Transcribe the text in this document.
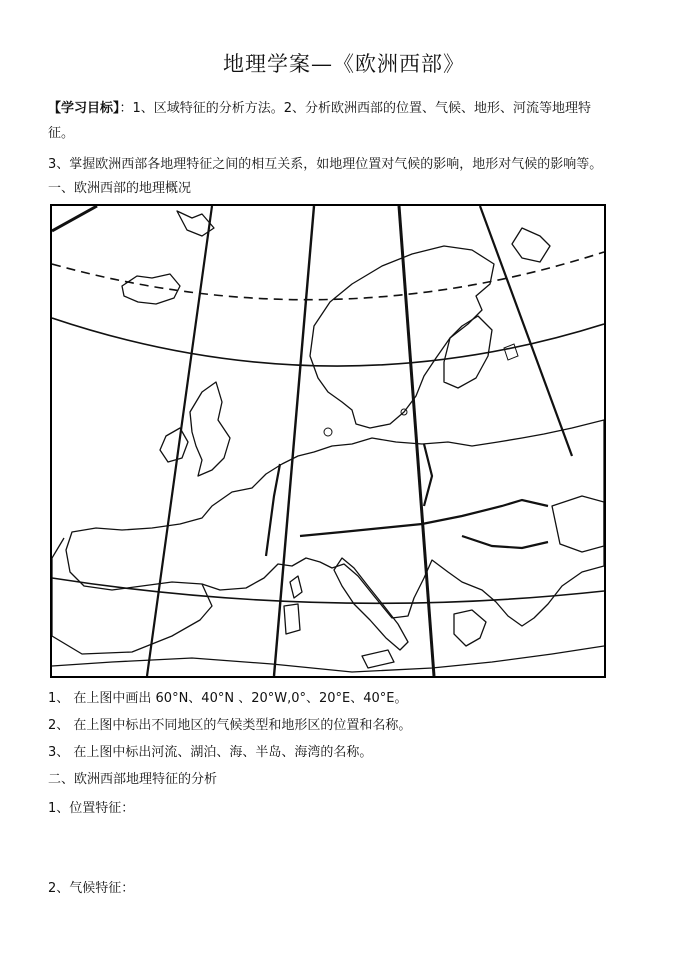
地理学案—《欧洲西部》
【学习目标】：1、区域特征的分析方法。2、分析欧洲西部的位置、气候、地形、河流等地理特
征。
3、掌握欧洲西部各地理特征之间的相互关系，如地理位置对气候的影响，地形对气候的影响等。
一、欧洲西部的地理概况
1、 在上图中画出 60°N、40°N 、20°W,0°、20°E、40°E。
2、 在上图中标出不同地区的气候类型和地形区的位置和名称。
3、 在上图中标出河流、湖泊、海、半岛、海湾的名称。
二、欧洲西部地理特征的分析
1、位置特征：
2、气候特征：
